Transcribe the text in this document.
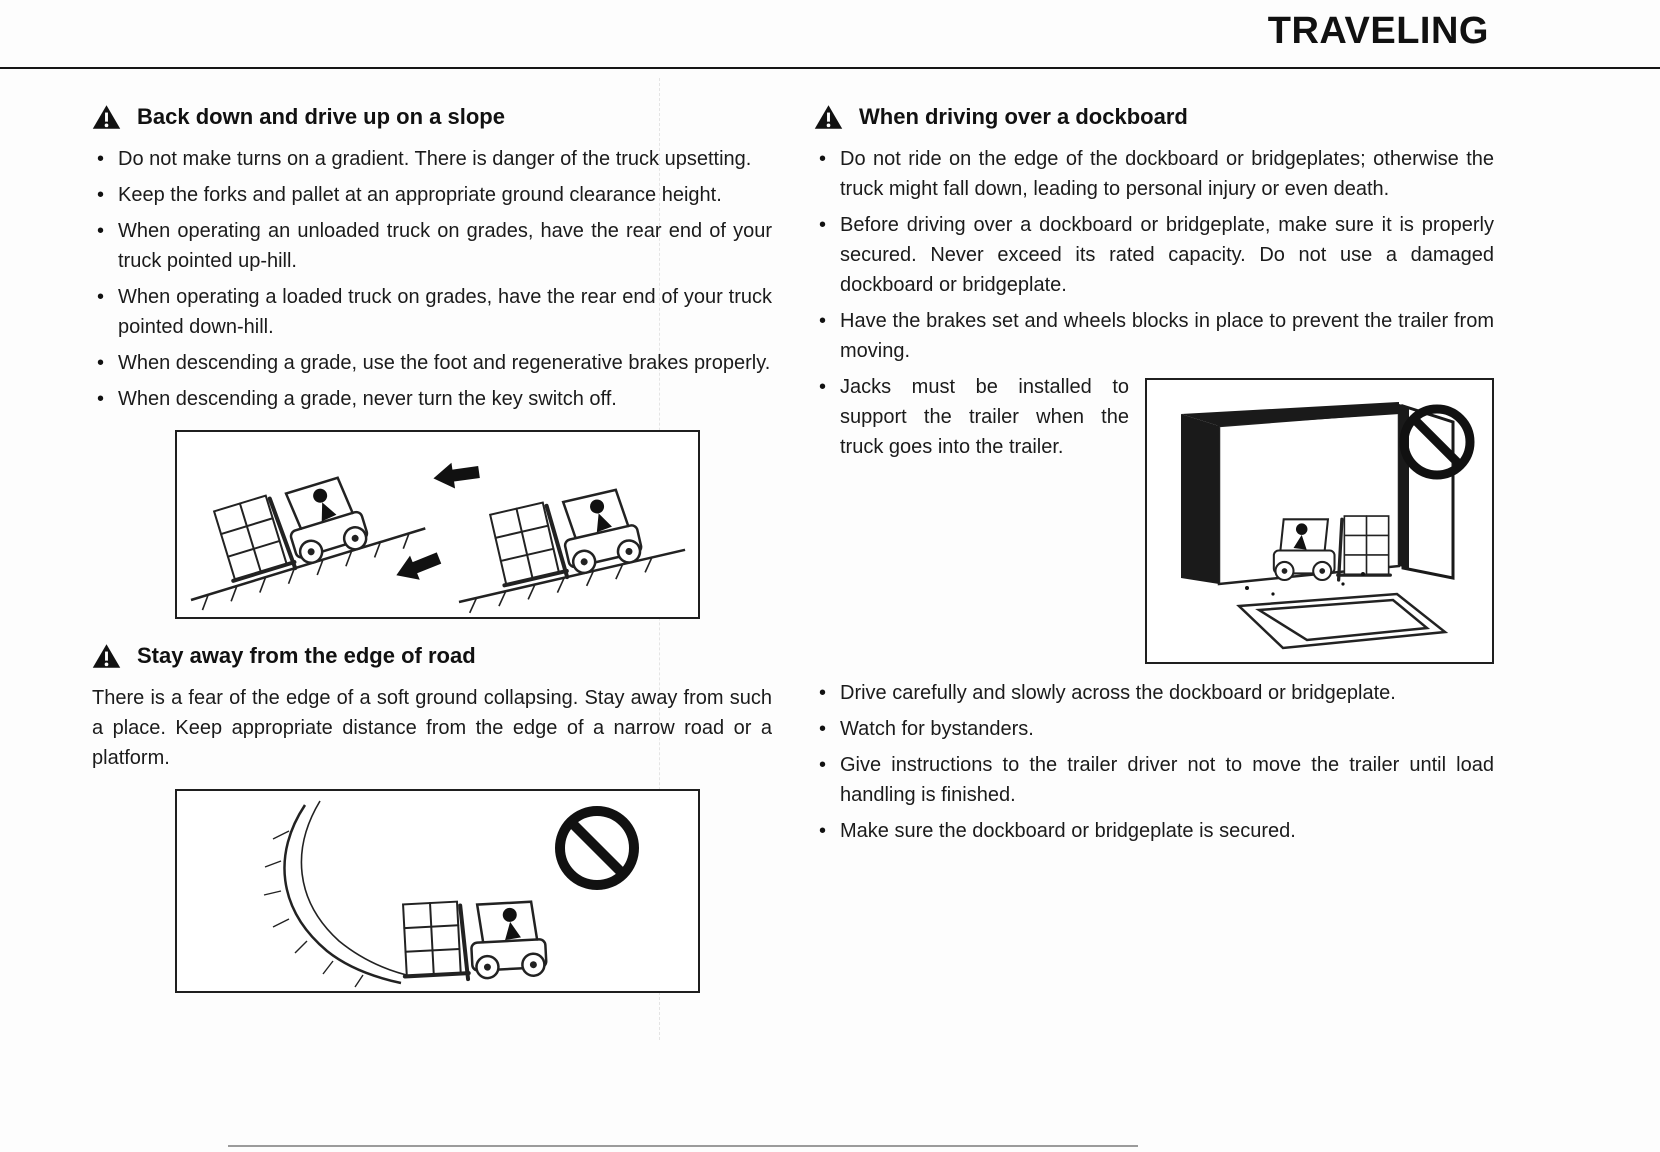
TRAVELING
Back down and drive up on a slope
• Do not make turns on a gradient. There is danger of the truck upsetting.
• Keep the forks and pallet at an appropriate ground clearance height.
• When operating an unloaded truck on grades, have the rear end of your truck pointed up-hill.
• When operating a loaded truck on grades, have the rear end of your truck pointed down-hill.
• When descending a grade, use the foot and regenerative brakes properly.
• When descending a grade, never turn the key switch off.
Stay away from the edge of road

There is a fear of the edge of a soft ground collapsing. Stay away from such a place. Keep appropriate distance from the edge of a narrow road or a platform.

When driving over a dockboard
• Do not ride on the edge of the dockboard or bridgeplates; otherwise the truck might fall down, leading to personal injury or even death.
• Before driving over a dockboard or bridgeplate, make sure it is properly secured. Never exceed its rated capacity. Do not use a damaged dockboard or bridgeplate.
• Have the brakes set and wheels blocks in place to prevent the trailer from moving.
• Jacks must be installed to support the trailer when the truck goes into the trailer.
• Drive carefully and slowly across the dockboard or bridgeplate.
• Watch for bystanders.
• Give instructions to the trailer driver not to move the trailer until load handling is finished.
• Make sure the dockboard or bridgeplate is secured.
